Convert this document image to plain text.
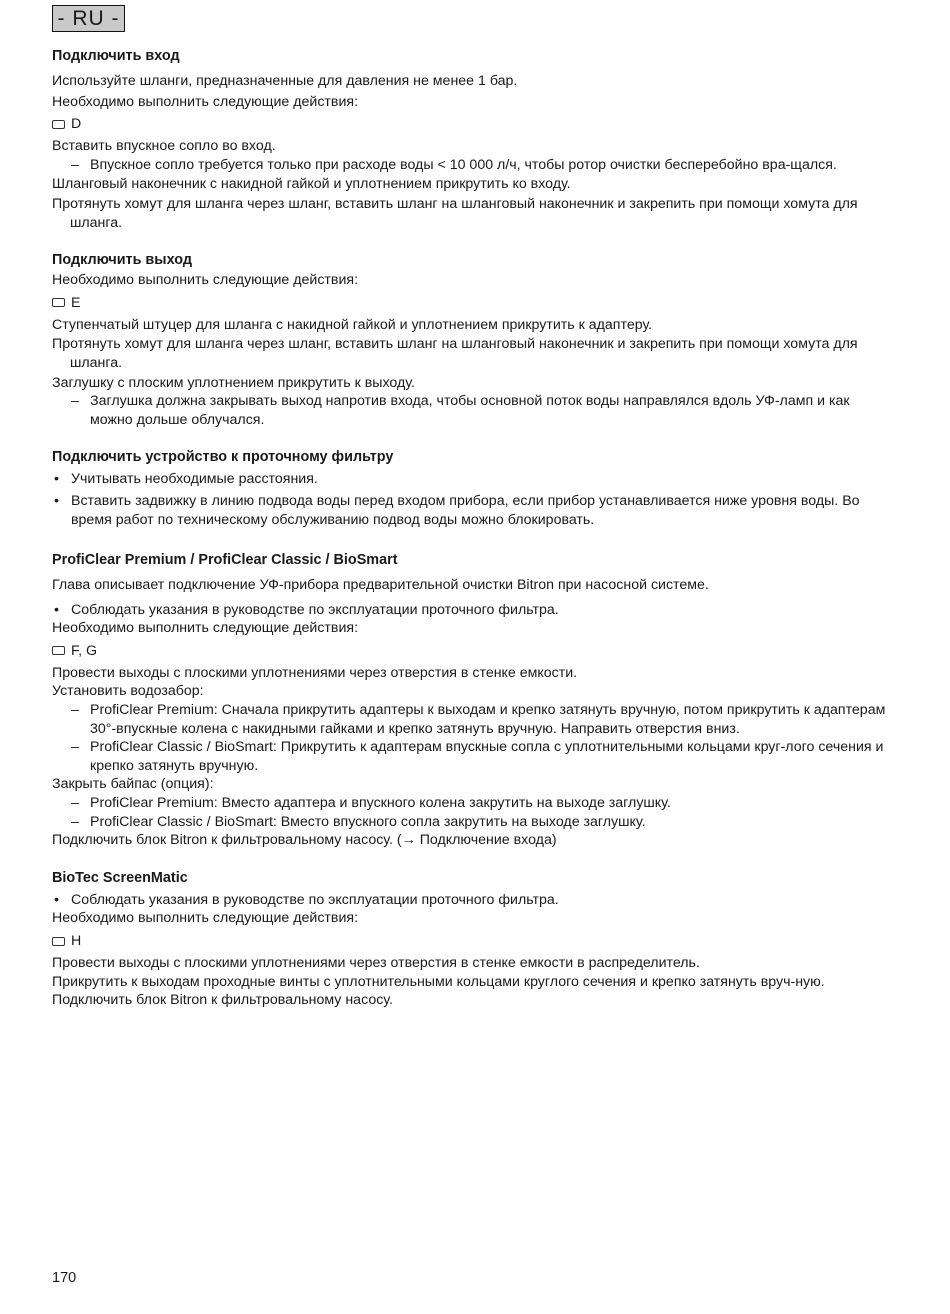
- RU -
Подключить вход

Используйте шланги, предназначенные для давления не менее 1 бар.

Необходимо выполнить следующие действия:

D

Вставить впускное сопло во вход.

– Впускное сопло требуется только при расходе воды < 10 000 л/ч, чтобы ротор очистки бесперебойно вра-щался.

Шланговый наконечник с накидной гайкой и уплотнением прикрутить ко входу.

Протянуть хомут для шланга через шланг, вставить шланг на шланговый наконечник и закрепить при помощи хомута для шланга.

Подключить выход

Необходимо выполнить следующие действия:

E

Ступенчатый штуцер для шланга с накидной гайкой и уплотнением прикрутить к адаптеру.

Протянуть хомут для шланга через шланг, вставить шланг на шланговый наконечник и закрепить при помощи хомута для шланга.

Заглушку с плоским уплотнением прикрутить к выходу.

– Заглушка должна закрывать выход напротив входа, чтобы основной поток воды направлялся вдоль УФ-ламп и как можно дольше облучался.

Подключить устройство к проточному фильтру

• Учитывать необходимые расстояния.

• Вставить задвижку в линию подвода воды перед входом прибора, если прибор устанавливается ниже уровня воды. Во время работ по техническому обслуживанию подвод воды можно блокировать.

ProfiClear Premium / ProfiClear Classic / BioSmart

Глава описывает подключение УФ-прибора предварительной очистки Bitron при насосной системе.

• Соблюдать указания в руководстве по эксплуатации проточного фильтра.

Необходимо выполнить следующие действия:

F, G

Провести выходы с плоскими уплотнениями через отверстия в стенке емкости.

Установить водозабор:

– ProfiClear Premium: Сначала прикрутить адаптеры к выходам и крепко затянуть вручную, потом прикрутить к адаптерам 30°-впускные колена с накидными гайками и крепко затянуть вручную. Направить отверстия вниз.

– ProfiClear Classic / BioSmart: Прикрутить к адаптерам впускные сопла с уплотнительными кольцами круг-лого сечения и крепко затянуть вручную.

Закрыть байпас (опция):

– ProfiClear Premium: Вместо адаптера и впускного колена закрутить на выходе заглушку.

– ProfiClear Classic / BioSmart: Вместо впускного сопла закрутить на выходе заглушку.

Подключить блок Bitron к фильтровальному насосу. (→ Подключение входа)

BioTec ScreenMatic

• Соблюдать указания в руководстве по эксплуатации проточного фильтра.

Необходимо выполнить следующие действия:

H

Провести выходы с плоскими уплотнениями через отверстия в стенке емкости в распределитель.

Прикрутить к выходам проходные винты с уплотнительными кольцами круглого сечения и крепко затянуть вруч-ную.

Подключить блок Bitron к фильтровальному насосу.

170
